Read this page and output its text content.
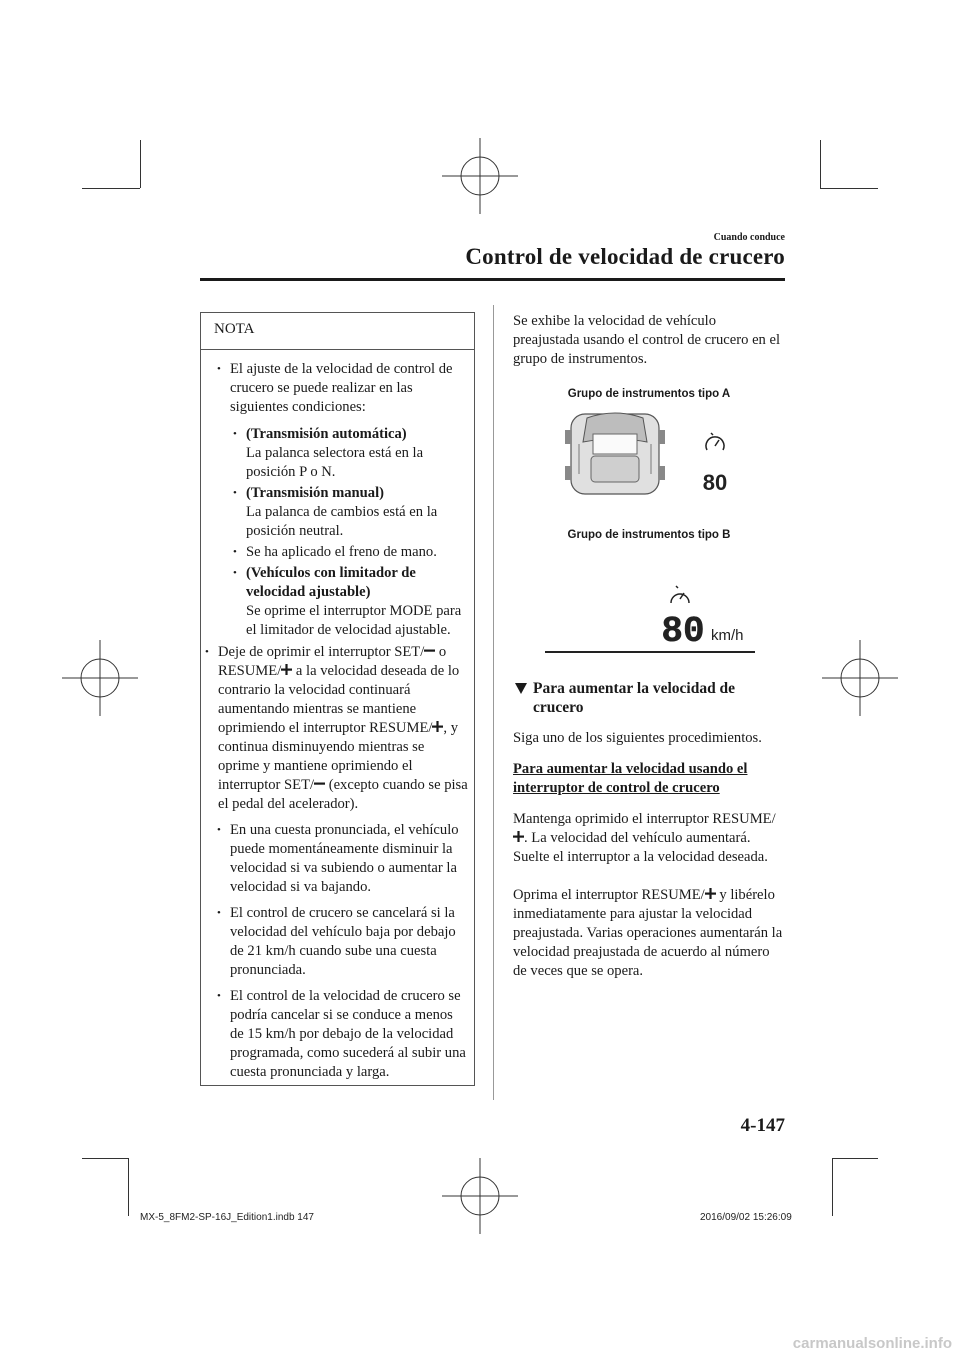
Cuando conduce
Control de velocidad de crucero
NOTA
• El ajuste de la velocidad de control de crucero se puede realizar en las siguientes condiciones:
• (Transmisión automática)
La palanca selectora está en la posición P o N.
• (Transmisión manual)
La palanca de cambios está en la posición neutral.
• Se ha aplicado el freno de mano.
• (Vehículos con limitador de velocidad ajustable)
Se oprime el interruptor MODE para el limitador de velocidad ajustable.
• Deje de oprimir el interruptor SET/ o RESUME/ a la velocidad deseada de lo contrario la velocidad continuará aumentando mientras se mantiene oprimiendo el interruptor RESUME/ , y continua disminuyendo mientras se oprime y mantiene oprimiendo el interruptor SET/ (excepto cuando se pisa el pedal del acelerador).
• En una cuesta pronunciada, el vehículo puede momentáneamente disminuir la velocidad si va subiendo o aumentar la velocidad si va bajando.
• El control de crucero se cancelará si la velocidad del vehículo baja por debajo de 21 km/h cuando sube una cuesta pronunciada.
• El control de la velocidad de crucero se podría cancelar si se conduce a menos de 15 km/h por debajo de la velocidad programada, como sucederá al subir una cuesta pronunciada y larga.

Se exhibe la velocidad de vehículo preajustada usando el control de crucero en el grupo de instrumentos.

Grupo de instrumentos tipo A
80
Grupo de instrumentos tipo B
80 km/h
Para aumentar la velocidad de crucero

Siga uno de los siguientes procedimientos.

Para aumentar la velocidad usando el interruptor de control de crucero

Mantenga oprimido el interruptor RESUME/. La velocidad del vehículo aumentará. Suelte el interruptor a la velocidad deseada.

Oprima el interruptor RESUME/ y libérelo inmediatamente para ajustar la velocidad preajustada. Varias operaciones aumentarán la velocidad preajustada de acuerdo al número de veces que se opera.

4-147
MX-5_8FM2-SP-16J_Edition1.indb 147	2016/09/02 15:26:09
carmanualsonline.info
